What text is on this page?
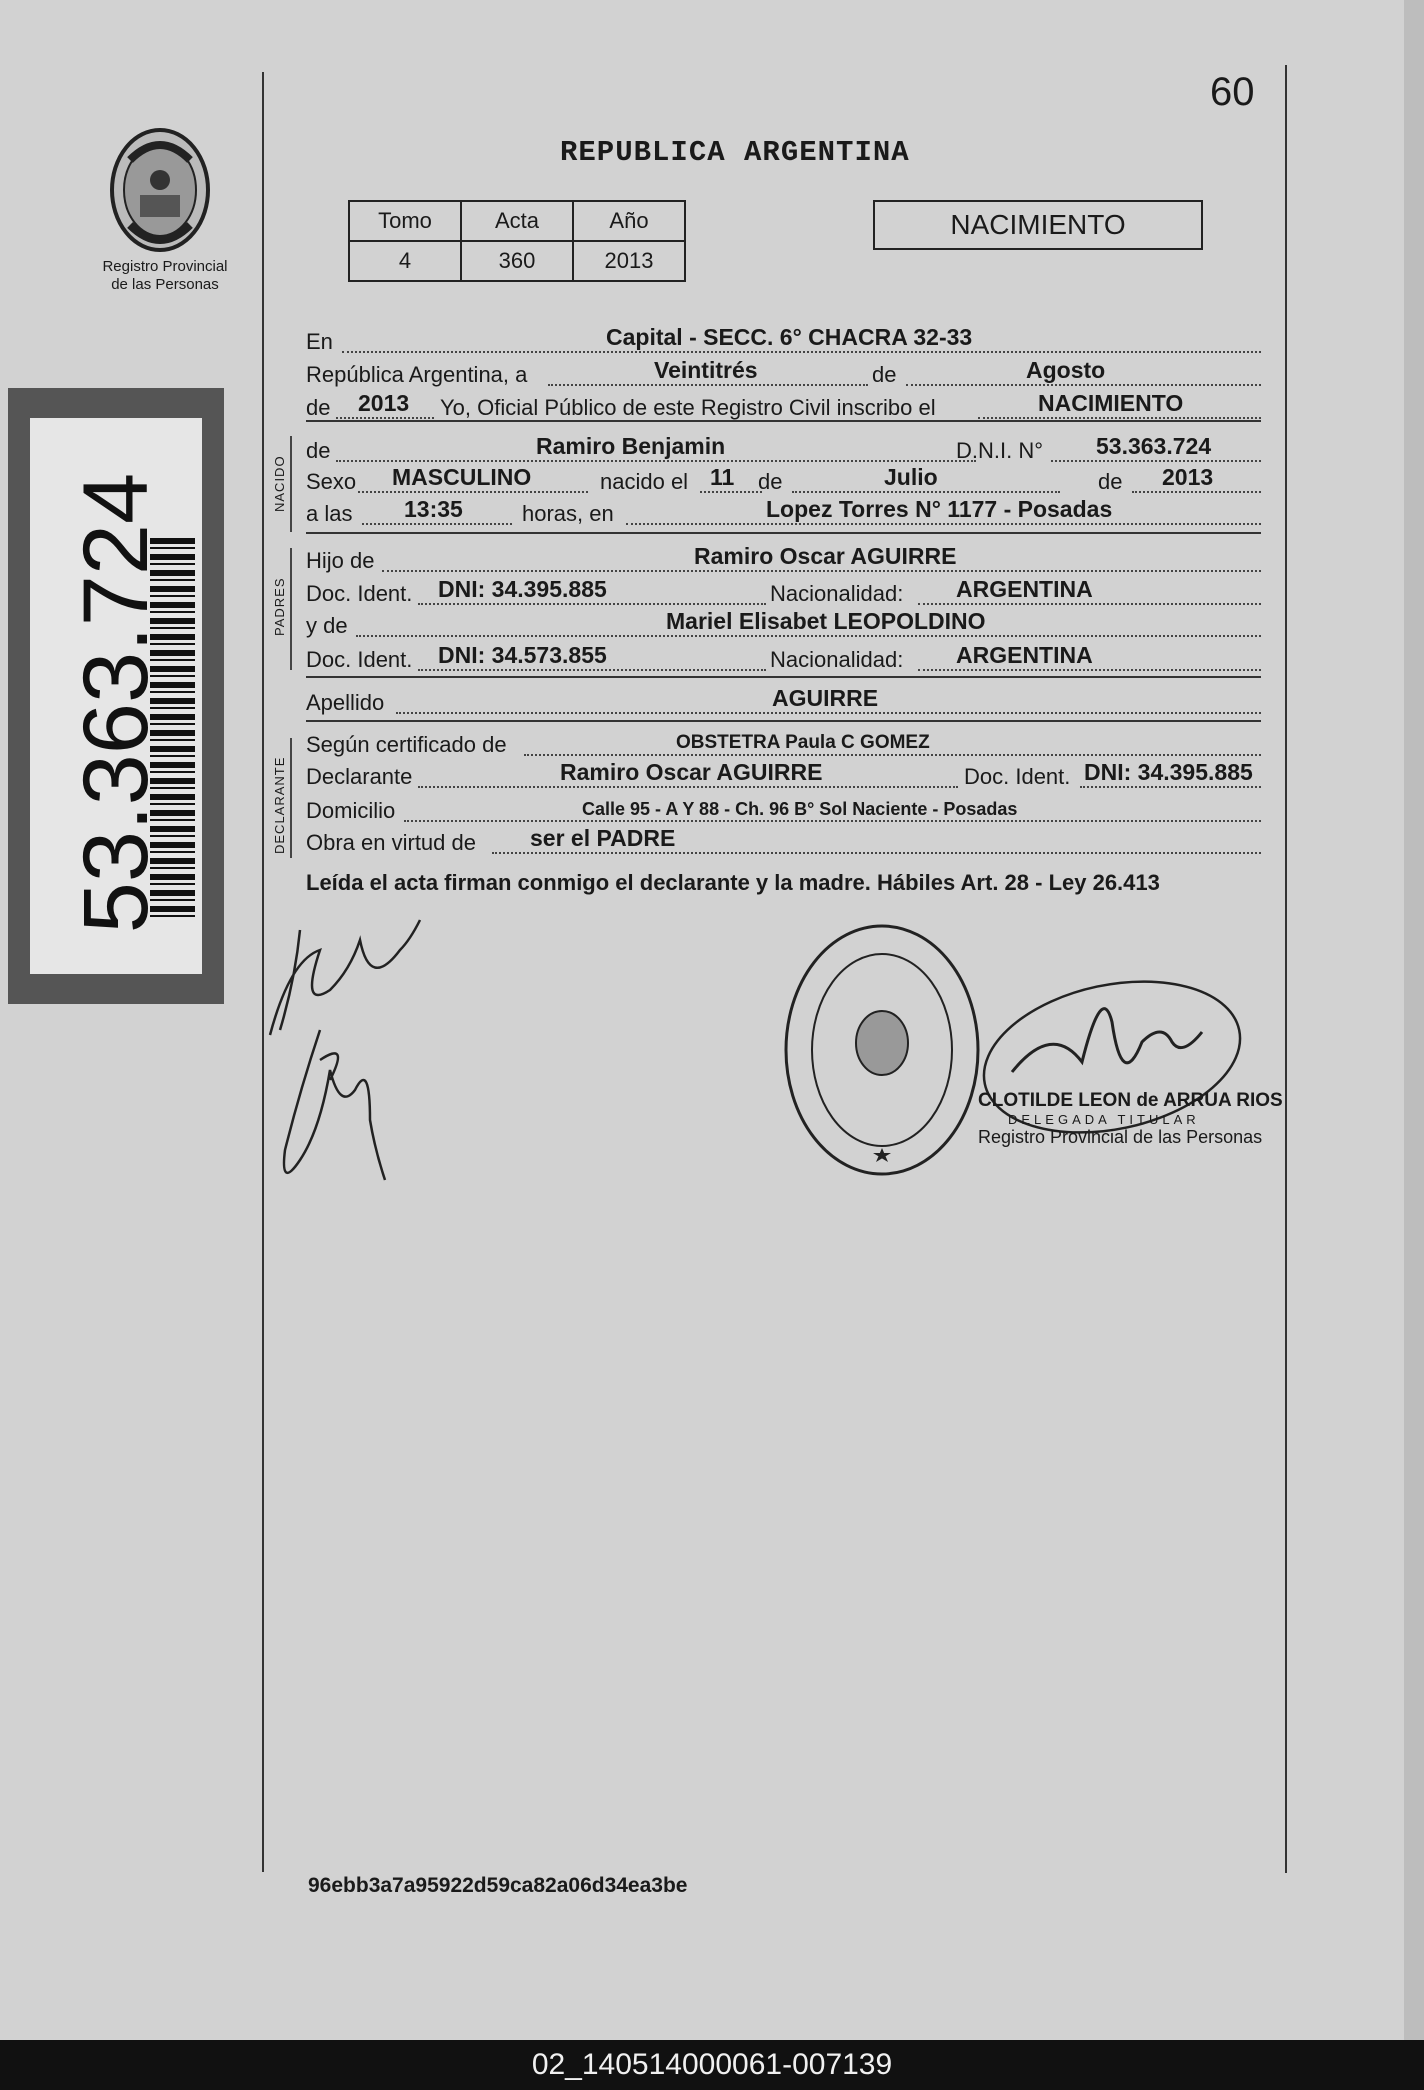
60
Registro Provincial
de las Personas
53.363.724
REPUBLICA ARGENTINA
Tomo	Acta	Año
4	360	2013
NACIMIENTO
En	Capital - SECC. 6° CHACRA 32-33
República Argentina, a	Veintitrés	de	Agosto
de 2013 Yo, Oficial Público de este Registro Civil inscribo el	NACIMIENTO
NACIDO
de	Ramiro Benjamin	D.N.I. N° 53.363.724
Sexo MASCULINO	nacido el 11 de	Julio	de 2013
a las 13:35	horas, en	Lopez Torres N° 1177 - Posadas
PADRES
Hijo de	Ramiro Oscar AGUIRRE
Doc. Ident. DNI: 34.395.885	Nacionalidad: ARGENTINA
y de	Mariel Elisabet LEOPOLDINO
Doc. Ident. DNI: 34.573.855	Nacionalidad: ARGENTINA
Apellido	AGUIRRE
DECLARANTE
Según certificado de	OBSTETRA Paula C GOMEZ
Declarante	Ramiro Oscar AGUIRRE	Doc. Ident. DNI: 34.395.885
Domicilio	Calle 95 - A Y 88 - Ch. 96 B° Sol Naciente - Posadas
Obra en virtud de ser el PADRE
Leída el acta firman conmigo el declarante y la madre. Hábiles Art. 28 - Ley 26.413
CLOTILDE LEON de ARRUA RIOS
DELEGADA TITULAR
Registro Provincial de las Personas
96ebb3a7a95922d59ca82a06d34ea3be
02_140514000061-007139
